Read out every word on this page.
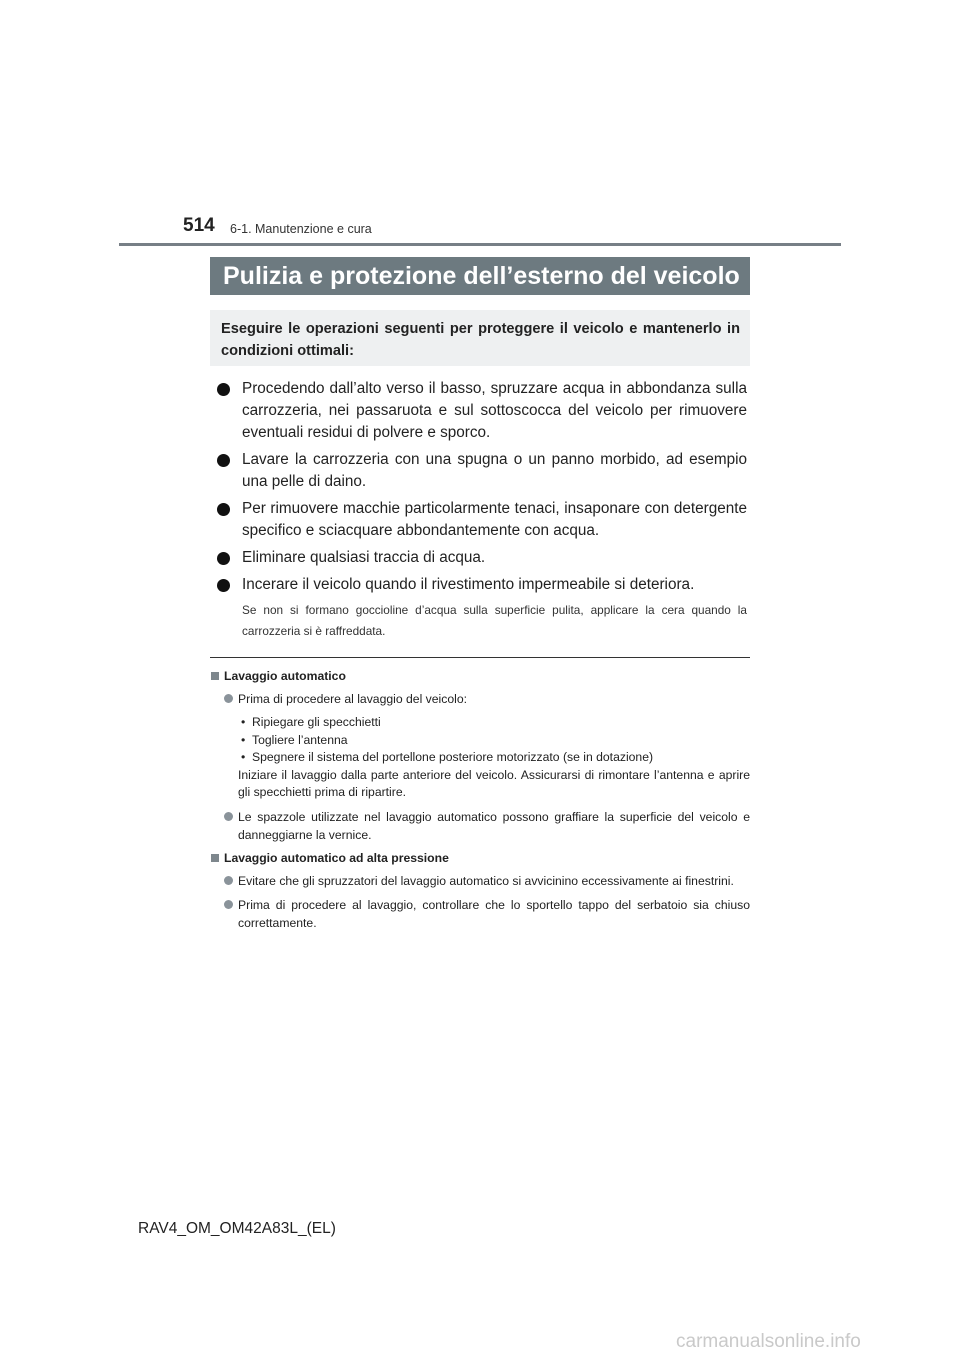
514 6-1. Manutenzione e cura
Pulizia e protezione dell’esterno del veicolo
Eseguire le operazioni seguenti per proteggere il veicolo e mantenerlo in condizioni ottimali:
Procedendo dall’alto verso il basso, spruzzare acqua in abbondanza sulla carrozzeria, nei passaruota e sul sottoscocca del veicolo per rimuovere eventuali residui di polvere e sporco.
Lavare la carrozzeria con una spugna o un panno morbido, ad esempio una pelle di daino.
Per rimuovere macchie particolarmente tenaci, insaponare con detergente specifico e sciacquare abbondantemente con acqua.
Eliminare qualsiasi traccia di acqua.
Incerare il veicolo quando il rivestimento impermeabile si deteriora.
Se non si formano goccioline d’acqua sulla superficie pulita, applicare la cera quando la carrozzeria si è raffreddata.
Lavaggio automatico
Prima di procedere al lavaggio del veicolo:
• Ripiegare gli specchietti
• Togliere l’antenna
• Spegnere il sistema del portellone posteriore motorizzato (se in dotazione)
Iniziare il lavaggio dalla parte anteriore del veicolo. Assicurarsi di rimontare l’antenna e aprire gli specchietti prima di ripartire.
Le spazzole utilizzate nel lavaggio automatico possono graffiare la superficie del veicolo e danneggiarne la vernice.
Lavaggio automatico ad alta pressione
Evitare che gli spruzzatori del lavaggio automatico si avvicinino eccessivamente ai finestrini.
Prima di procedere al lavaggio, controllare che lo sportello tappo del serbatoio sia chiuso correttamente.
RAV4_OM_OM42A83L_(EL)
carmanualsonline.info
